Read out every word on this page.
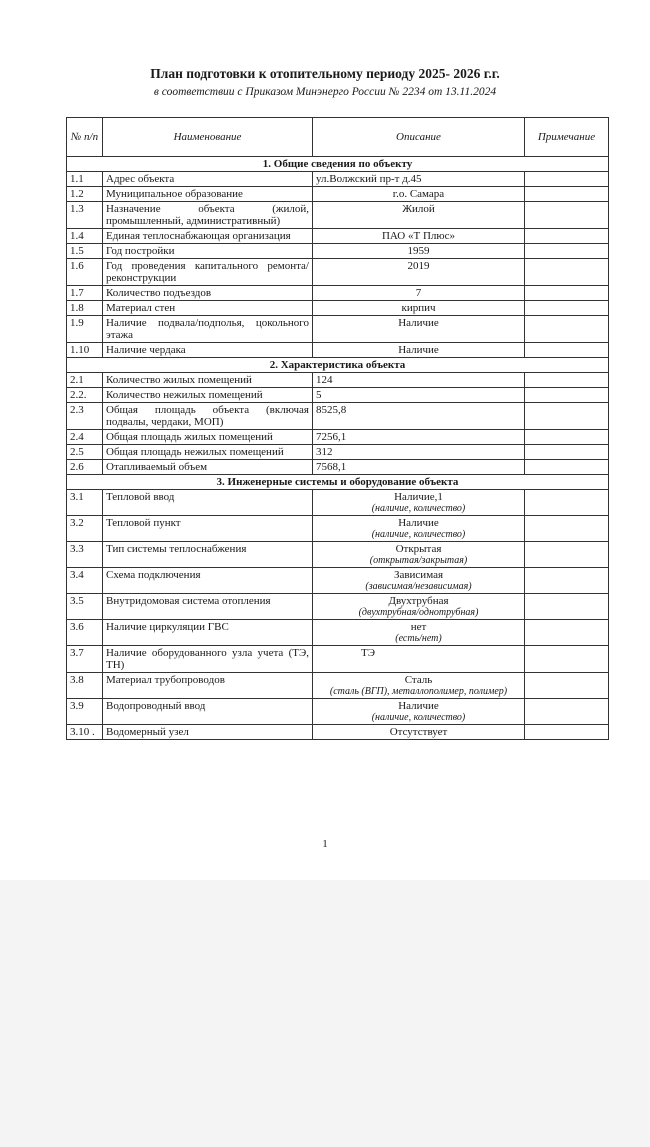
План подготовки к отопительному периоду 2025- 2026 г.г.
в соответствии с Приказом Минэнерго России № 2234 от 13.11.2024
№ п/п	Наименование	Описание	Примечание
1. Общие сведения по объекту			
1.1	Адрес объекта	ул.Волжский пр-т д.45	
1.2	Муниципальное образование	г.о. Самара	
1.3	Назначение объекта (жилой, промышленный, административный)	Жилой	
1.4	Единая теплоснабжающая организация	ПАО «Т Плюс»	
1.5	Год постройки	1959	
1.6	Год проведения капитального ремонта/реконструкции	2019	
1.7	Количество подъездов	7	
1.8	Материал стен	кирпич	
1.9	Наличие подвала/подполья, цокольного этажа	Наличие	
1.10	Наличие чердака	Наличие	
2. Характеристика объекта			
2.1	Количество жилых помещений	124	
2.2.	Количество нежилых помещений	5	
2.3	Общая площадь объекта (включая подвалы, чердаки, МОП)	8525,8	
2.4	Общая площадь жилых помещений	7256,1	
2.5	Общая площадь нежилых помещений	312	
2.6	Отапливаемый объем	7568,1	
3. Инженерные системы и оборудование объекта			
3.1	Тепловой ввод	Наличие,1
(наличие, количество)	

3.2	Тепловой пункт	Наличие
(наличие, количество)	

3.3	Тип системы теплоснабжения	Открытая
(открытая/закрытая)	

3.4	Схема подключения	Зависимая
(зависимая/независимая)	

3.5	Внутридомовая система отопления	Двухтрубная
(двухтрубная/однотрубная)	

3.6	Наличие циркуляции ГВС	нет
(есть/нет)	

3.7	Наличие оборудованного узла учета (ТЭ, ТН)	ТЭ	
3.8	Материал трубопроводов	Сталь
(сталь (ВГП), металлополимер, полимер)	

3.9	Водопроводный ввод	Наличие
(наличие, количество)	

3.10 .	Водомерный узел	Отсутствует	
1
